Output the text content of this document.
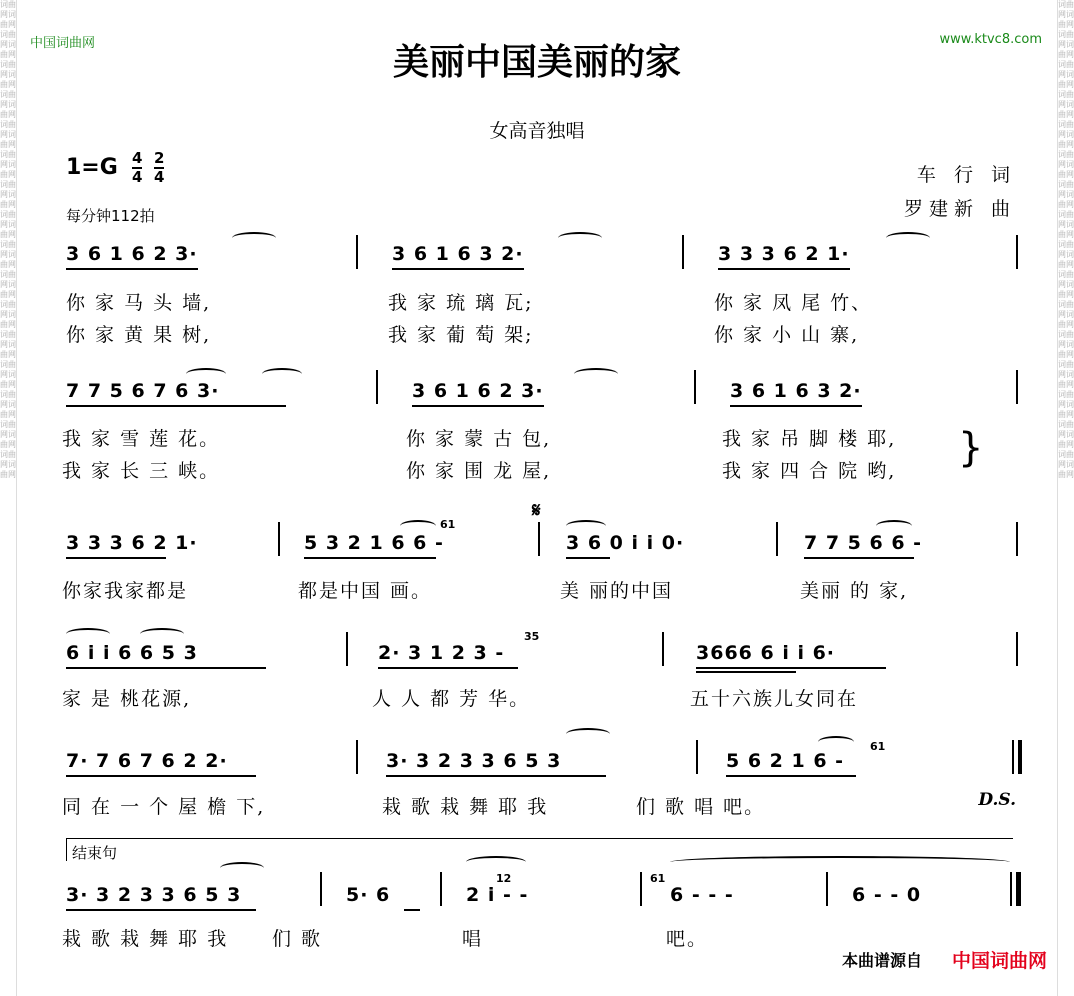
词曲网词曲网词曲网词曲网词曲网词曲网词曲网词曲网词曲网词曲网词曲网词曲网词曲网词曲网词曲网词曲网词曲网词曲网词曲网词曲网词曲网词曲网词曲网词曲网词曲网词曲网词曲网词曲网词曲网词曲网词曲网词曲网
词曲网词曲网词曲网词曲网词曲网词曲网词曲网词曲网词曲网词曲网词曲网词曲网词曲网词曲网词曲网词曲网词曲网词曲网词曲网词曲网词曲网词曲网词曲网词曲网词曲网词曲网词曲网词曲网词曲网词曲网词曲网词曲网
中国词曲网	www.ktvc8.com
美丽中国美丽的家
女高音独唱
$1=G \frac{4}{4} \frac{2}{4}$
每分钟112拍
车 行 词
罗建新 曲
3 6 1 6 2 3·	3 6 1 6 3 2·	3 3 3 6 2 1·
你 家 马 头 墙,	我 家 琉 璃 瓦;	你 家 凤 尾 竹、
你 家 黄 果 树,	我 家 葡 萄 架;	你 家 小 山 寨,
7 7 5 6 7 6 3·	3 6 1 6 2 3·	3 6 1 6 3 2·
我 家 雪 莲 花。	你 家 蒙 古 包,	我 家 吊 脚 楼 耶,
我 家 长 三 峡。	你 家 围 龙 屋,	我 家 四 合 院 哟, }
𝄋
3 3 3 6 2 1·	5 3 2 1 6 6 -	3 6 0 i i 0·	7 7 5 6 6 -
61
你家我家都是	都是中国 画。	美 丽的中国	美丽 的 家,
6 i i 6 6 5 3	2· 3 1 2 3 -	3666 6 i i 6·
35
家 是 桃花源,	人 人 都 芳 华。	五十六族儿女同在
7· 7 6 7 6 2 2·	3· 3 2 3 3 6 5 3	5 6 2 1 6 -
61
同 在 一 个 屋 檐 下,	栽 歌 栽 舞 耶 我	们 歌 唱 吧。	D.S.
结束句
3· 3 2 3 3 6 5 3	5· 6	2 i - -	6 - - -	6 - - 0
12	61
栽 歌 栽 舞 耶 我 们 歌	唱	吧。
本曲谱源自 中国词曲网
